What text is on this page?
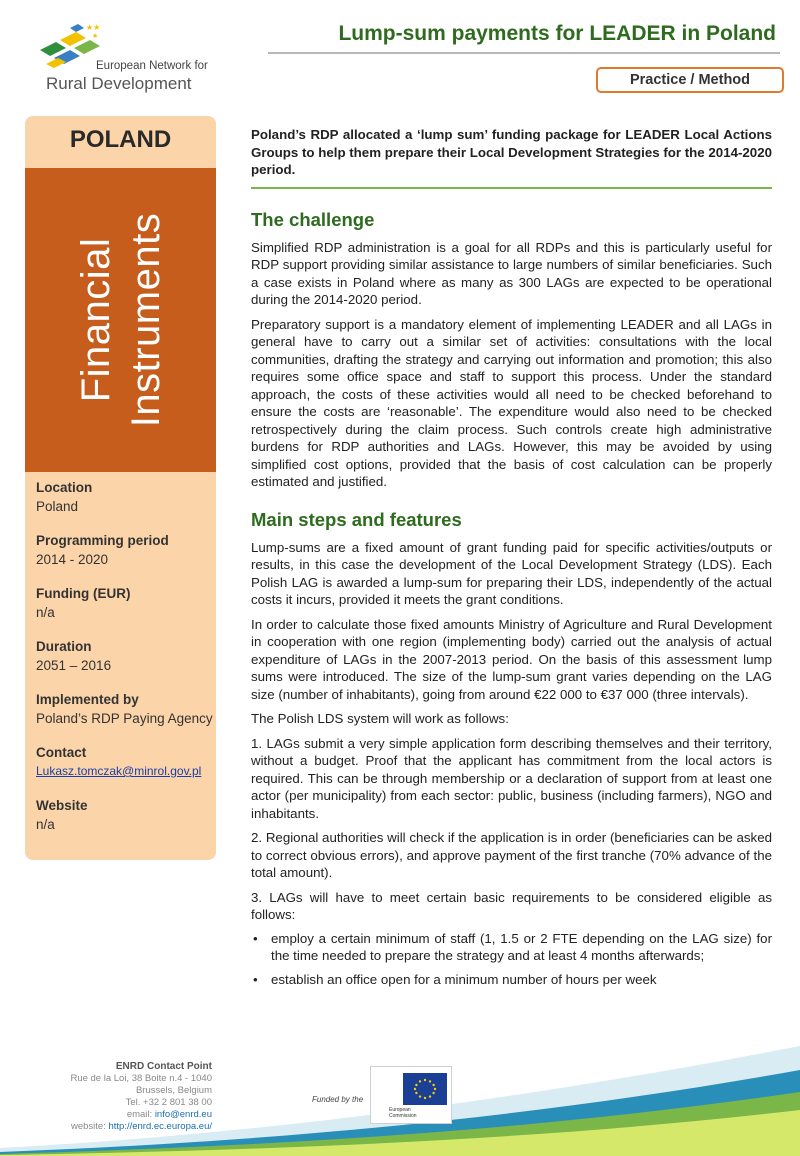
★★
★
European Network for
Rural Development
Lump-sum payments for LEADER in Poland
Practice / Method
POLAND
Financial Instruments
Location
Poland
Programming period
2014 - 2020
Funding (EUR)
n/a
Duration
2051 – 2016
Implemented by
Poland’s RDP Paying Agency
Contact
Lukasz.tomczak@minrol.gov.pl
Website
n/a
Poland’s RDP allocated a ‘lump sum’ funding package for LEADER Local Actions Groups to help them prepare their Local Development Strategies for the 2014-2020 period.
The challenge

Simplified RDP administration is a goal for all RDPs and this is particularly useful for RDP support providing similar assistance to large numbers of similar beneficiaries. Such a case exists in Poland where as many as 300 LAGs are expected to be operational during the 2014-2020 period.

Preparatory support is a mandatory element of implementing LEADER and all LAGs in general have to carry out a similar set of activities: consultations with the local communities, drafting the strategy and carrying out information and promotion; this also requires some office space and staff to support this process. Under the standard approach, the costs of these activities would all need to be checked beforehand to ensure the costs are ‘reasonable’. The expenditure would also need to be checked retrospectively during the claim process. Such controls create high administrative burdens for RDP authorities and LAGs. However, this may be avoided by using simplified cost options, provided that the basis of cost calculation can be properly estimated and justified.

Main steps and features

Lump-sums are a fixed amount of grant funding paid for specific activities/outputs or results, in this case the development of the Local Development Strategy (LDS). Each Polish LAG is awarded a lump-sum for preparing their LDS, independently of the actual costs it incurs, provided it meets the grant conditions.

In order to calculate those fixed amounts Ministry of Agriculture and Rural Development in cooperation with one region (implementing body) carried out the analysis of actual expenditure of LAGs in the 2007-2013 period. On the basis of this assessment lump sums were introduced. The size of the lump-sum grant varies depending on the LAG size (number of inhabitants), going from around €22 000 to €37 000 (three intervals).

The Polish LDS system will work as follows:

1. LAGs submit a very simple application form describing themselves and their territory, without a budget. Proof that the applicant has commitment from the local actors is required. This can be through membership or a declaration of support from at least one actor (per municipality) from each sector: public, business (including farmers), NGO and inhabitants.

2. Regional authorities will check if the application is in order (beneficiaries can be asked to correct obvious errors), and approve payment of the first tranche (70% advance of the total amount).

3. LAGs will have to meet certain basic requirements to be considered eligible as follows:

• employ a certain minimum of staff (1, 1.5 or 2 FTE depending on the LAG size) for the time needed to prepare the strategy and at least 4 months afterwards;
• establish an office open for a minimum number of hours per week
ENRD Contact Point
Rue de la Loi, 38 Boite n.4 - 1040
Brussels, Belgium
Tel. +32 2 801 38 00
email: info@enrd.eu
website: http://enrd.ec.europa.eu/
Funded by the
European
Commission
